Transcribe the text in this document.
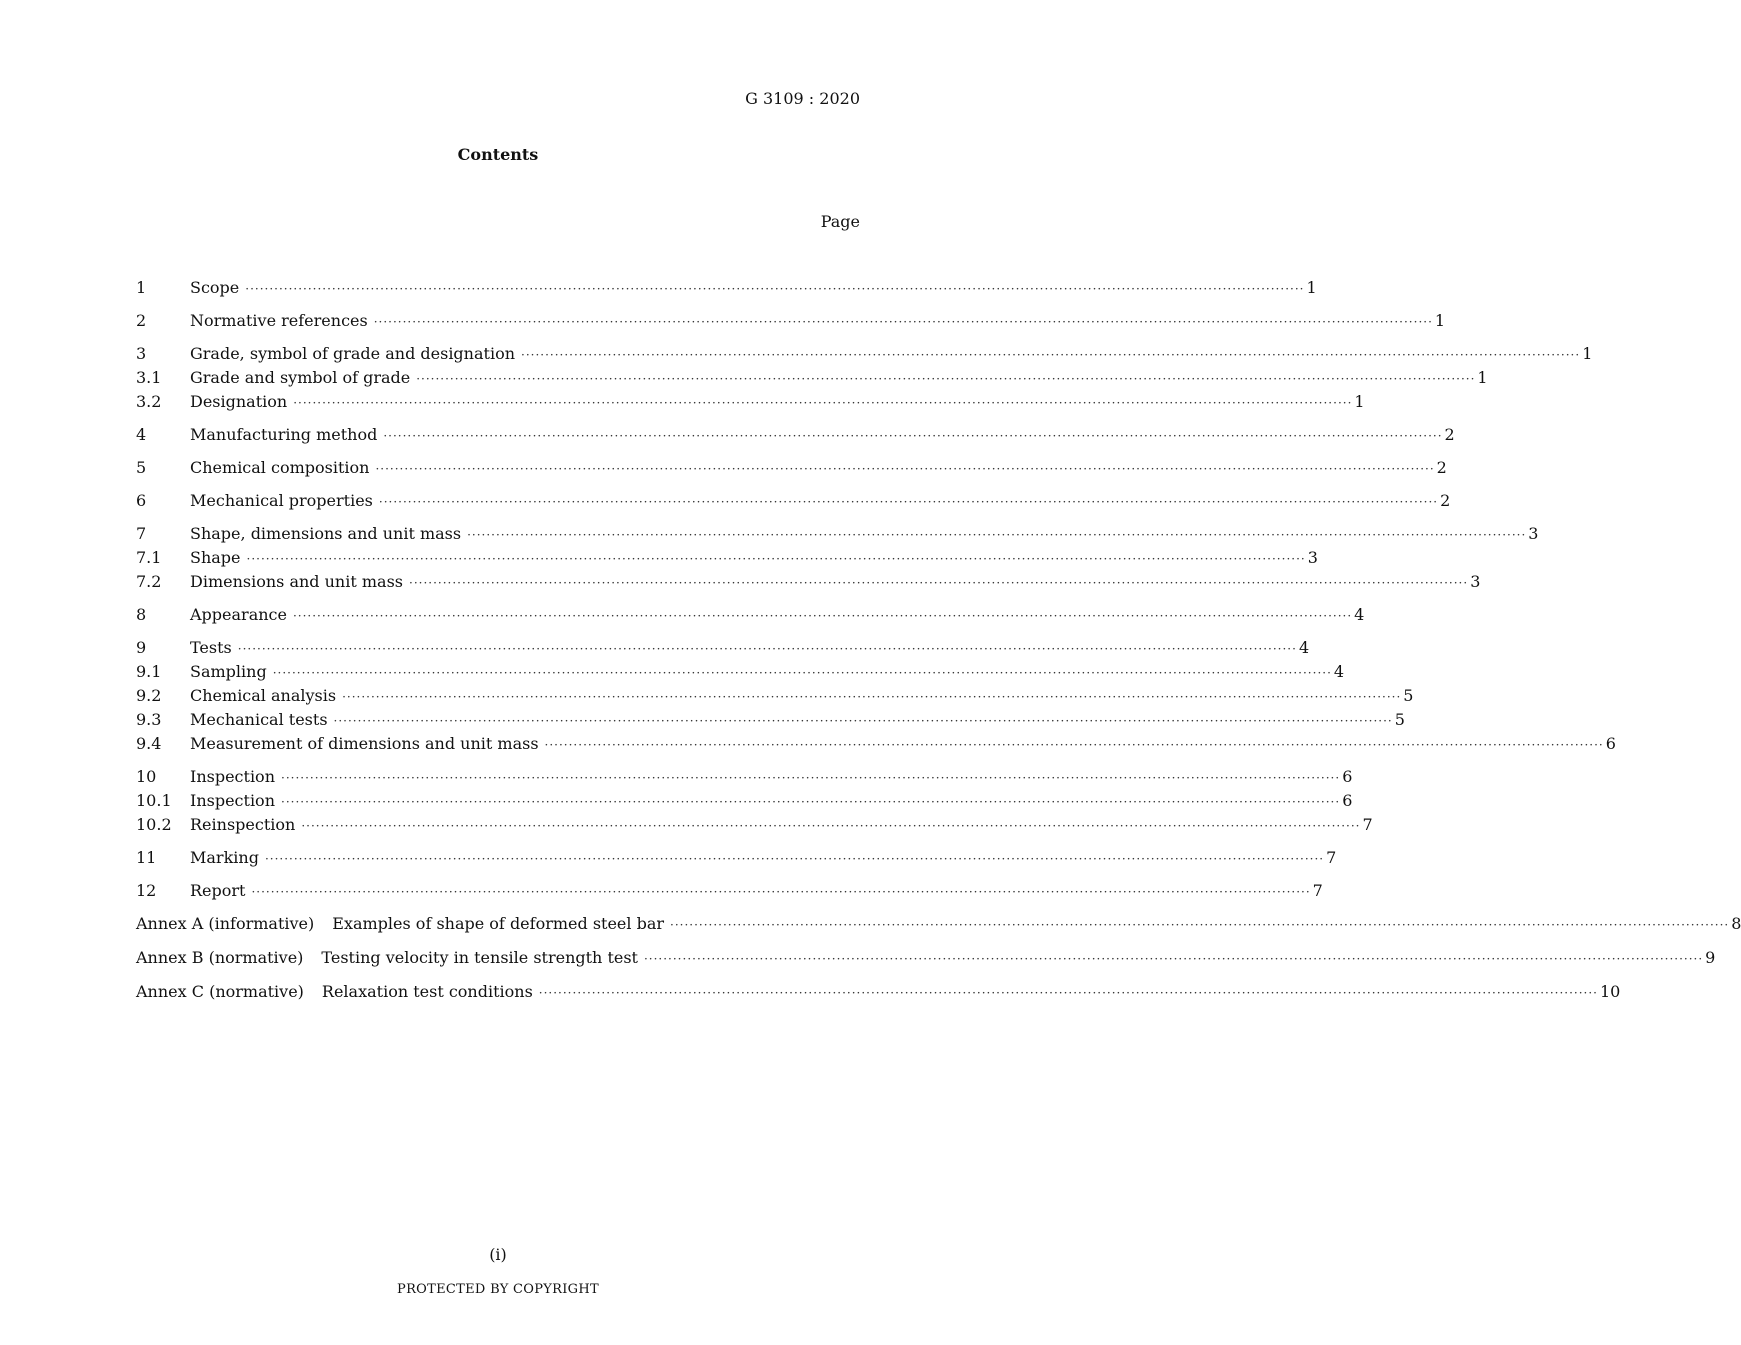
G 3109 : 2020
Contents
Page
1	Scope ···························································································································································································································· 1
2	Normative references ···························································································································································································································· 1
3	Grade, symbol of grade and designation ···························································································································································································································· 1
3.1	Grade and symbol of grade ···························································································································································································································· 1
3.2	Designation ···························································································································································································································· 1
4	Manufacturing method ···························································································································································································································· 2
5	Chemical composition ···························································································································································································································· 2
6	Mechanical properties ···························································································································································································································· 2
7	Shape, dimensions and unit mass ···························································································································································································································· 3
7.1	Shape ···························································································································································································································· 3
7.2	Dimensions and unit mass ···························································································································································································································· 3
8	Appearance ···························································································································································································································· 4
9	Tests ···························································································································································································································· 4
9.1	Sampling ···························································································································································································································· 4
9.2	Chemical analysis ···························································································································································································································· 5
9.3	Mechanical tests ···························································································································································································································· 5
9.4	Measurement of dimensions and unit mass ···························································································································································································································· 6
10	Inspection ···························································································································································································································· 6
10.1	Inspection ···························································································································································································································· 6
10.2	Reinspection ···························································································································································································································· 7
11	Marking ···························································································································································································································· 7
12	Report ···························································································································································································································· 7
Annex A (informative) Examples of shape of deformed steel bar ···························································································································································································································· 8
Annex B (normative) Testing velocity in tensile strength test ···························································································································································································································· 9
Annex C (normative) Relaxation test conditions ···························································································································································································································· 10
(i)
PROTECTED BY COPYRIGHT
